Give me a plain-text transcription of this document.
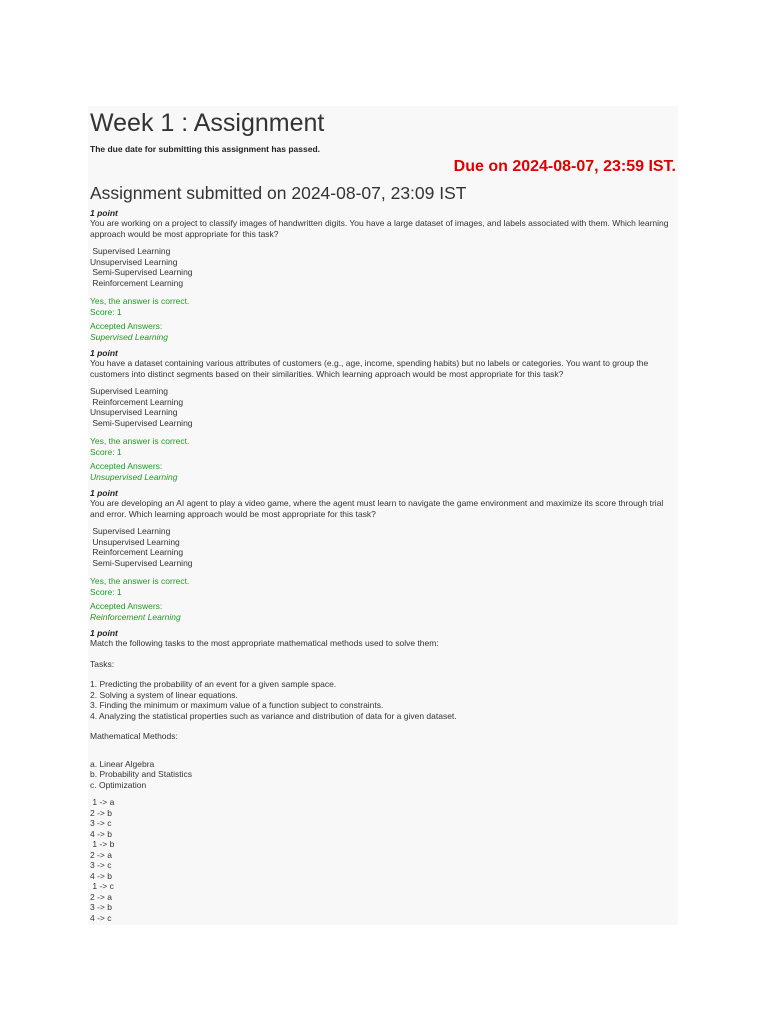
Week 1 : Assignment
The due date for submitting this assignment has passed.
Due on 2024-08-07, 23:59 IST.
Assignment submitted on 2024-08-07, 23:09 IST
1 point
You are working on a project to classify images of handwritten digits. You have a large dataset of images, and labels associated with them. Which learning approach would be most appropriate for this task?
Supervised Learning
Unsupervised Learning
Semi-Supervised Learning
Reinforcement Learning
Yes, the answer is correct.
Score: 1
Accepted Answers:
Supervised Learning
1 point
You have a dataset containing various attributes of customers (e.g., age, income, spending habits) but no labels or categories. You want to group the customers into distinct segments based on their similarities. Which learning approach would be most appropriate for this task?
Supervised Learning
Reinforcement Learning
Unsupervised Learning
Semi-Supervised Learning
Yes, the answer is correct.
Score: 1
Accepted Answers:
Unsupervised Learning
1 point
You are developing an AI agent to play a video game, where the agent must learn to navigate the game environment and maximize its score through trial and error. Which learning approach would be most appropriate for this task?
Supervised Learning
Unsupervised Learning
Reinforcement Learning
Semi-Supervised Learning
Yes, the answer is correct.
Score: 1
Accepted Answers:
Reinforcement Learning
1 point
Match the following tasks to the most appropriate mathematical methods used to solve them:
Tasks:
1. Predicting the probability of an event for a given sample space.
2. Solving a system of linear equations.
3. Finding the minimum or maximum value of a function subject to constraints.
4. Analyzing the statistical properties such as variance and distribution of data for a given dataset.
Mathematical Methods:
a. Linear Algebra
b. Probability and Statistics
c. Optimization
1 -> a
2 -> b
3 -> c
4 -> b
1 -> b
2 -> a
3 -> c
4 -> b
1 -> c
2 -> a
3 -> b
4 -> c
